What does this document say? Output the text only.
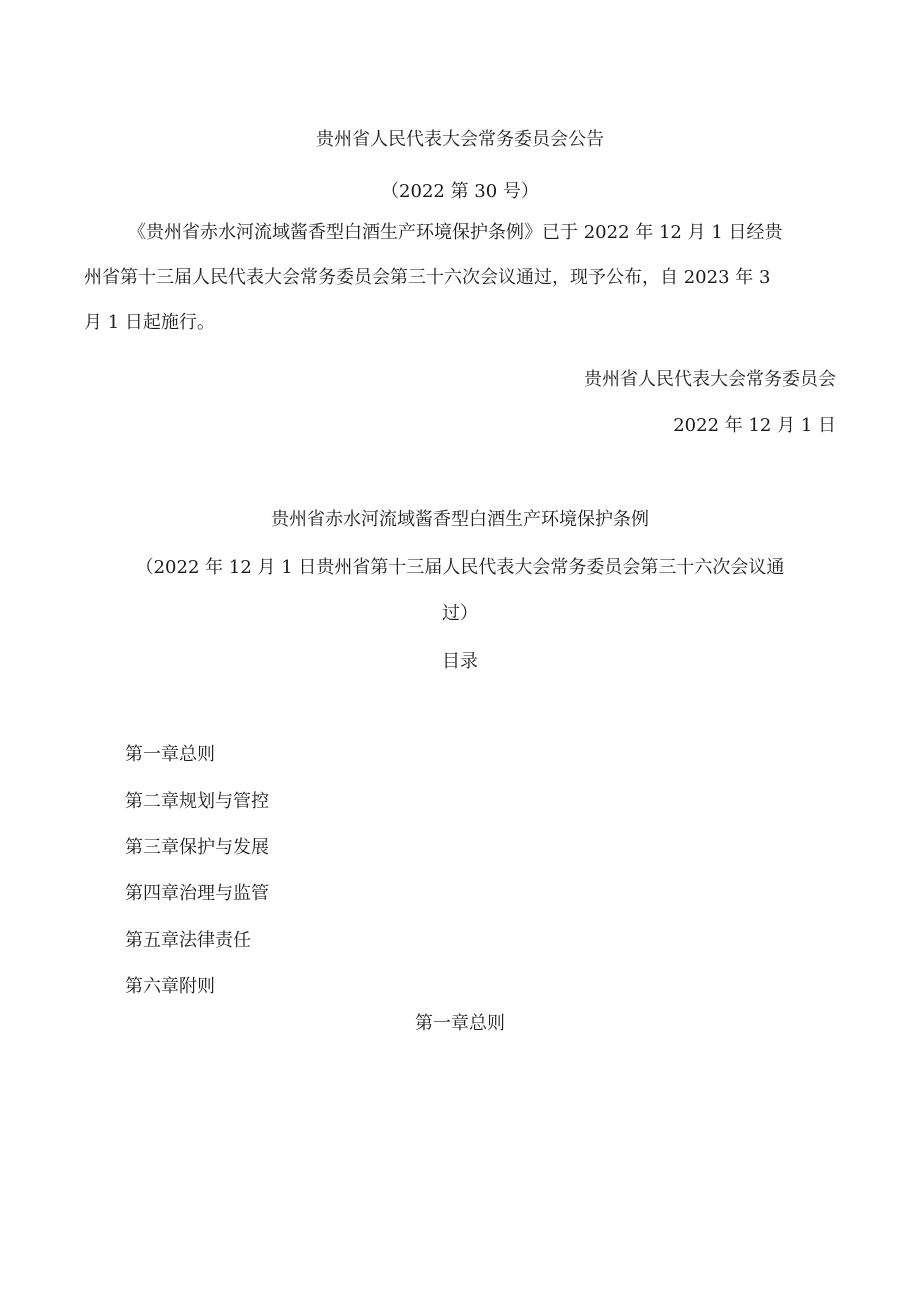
贵州省人民代表大会常务委员会公告
（2022 第 30 号）
《贵州省赤水河流域酱香型白酒生产环境保护条例》已于 2022 年 12 月 1 日经贵
州省第十三届人民代表大会常务委员会第三十六次会议通过，现予公布，自 2023 年 3
月 1 日起施行。
贵州省人民代表大会常务委员会
2022 年 12 月 1 日
贵州省赤水河流域酱香型白酒生产环境保护条例
（2022 年 12 月 1 日贵州省第十三届人民代表大会常务委员会第三十六次会议通
过）
目录
第一章总则
第二章规划与管控
第三章保护与发展
第四章治理与监管
第五章法律责任
第六章附则
第一章总则
